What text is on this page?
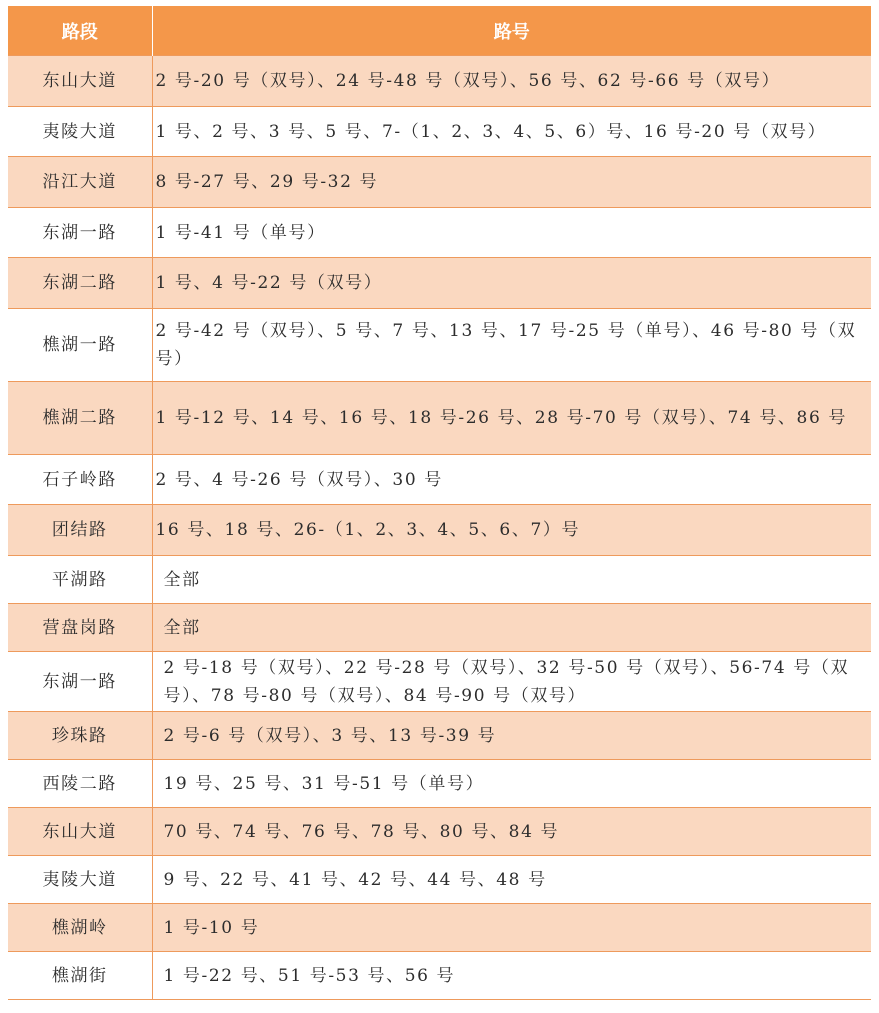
路段	路号
东山大道	2 号-20 号（双号）、24 号-48 号（双号）、56 号、62 号-66 号（双号）
夷陵大道	1 号、2 号、3 号、5 号、7-（1、2、3、4、5、6）号、16 号-20 号（双号）
沿江大道	8 号-27 号、29 号-32 号
东湖一路	1 号-41 号（单号）
东湖二路	1 号、4 号-22 号（双号）
樵湖一路	2 号-42 号（双号）、5 号、7 号、13 号、17 号-25 号（单号）、46 号-80 号（双号）
樵湖二路	1 号-12 号、14 号、16 号、18 号-26 号、28 号-70 号（双号）、74 号、86 号
石子岭路	2 号、4 号-26 号（双号）、30 号
团结路	16 号、18 号、26-（1、2、3、4、5、6、7）号
平湖路	全部
营盘岗路	全部
东湖一路	2 号-18 号（双号）、22 号-28 号（双号）、32 号-50 号（双号）、56-74 号（双号）、78 号-80 号（双号）、84 号-90 号（双号）
珍珠路	2 号-6 号（双号）、3 号、13 号-39 号
西陵二路	19 号、25 号、31 号-51 号（单号）
东山大道	70 号、74 号、76 号、78 号、80 号、84 号
夷陵大道	9 号、22 号、41 号、42 号、44 号、48 号
樵湖岭	1 号-10 号
樵湖街	1 号-22 号、51 号-53 号、56 号
